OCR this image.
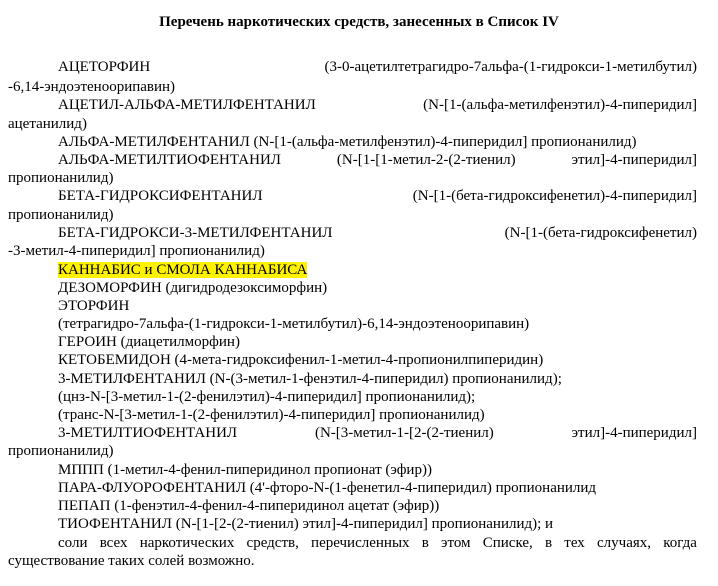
Перечень наркотических средств, занесенных в Список IV
АЦЕТОРФИН	(3-0-ацетилтетрагидро-7альфа-(1-гидрокси-1-метилбутил)
-6,14-эндоэтеноорипавин)
АЦЕТИЛ-АЛЬФА-МЕТИЛФЕНТАНИЛ	(N-[1-(альфа-метилфенэтил)-4-пиперидил]
ацетанилид)
АЛЬФА-МЕТИЛФЕНТАНИЛ (N-[1-(альфа-метилфенэтил)-4-пиперидил] пропионанилид)
АЛЬФА-МЕТИЛТИОФЕНТАНИЛ	(N-[1-[1-метил-2-(2-тиенил)	этил]-4-пиперидил]
пропионанилид)
БЕТА-ГИДРОКСИФЕНТАНИЛ	(N-[1-(бета-гидроксифенетил)-4-пиперидил]
пропионанилид)
БЕТА-ГИДРОКСИ-3-МЕТИЛФЕНТАНИЛ	(N-[1-(бета-гидроксифенетил)
-3-метил-4-пиперидил] пропионанилид)
КАННАБИС и СМОЛА КАННАБИСА
ДЕЗОМОРФИН (дигидродезоксиморфин)
ЭТОРФИН
(тетрагидро-7альфа-(1-гидрокси-1-метилбутил)-6,14-эндоэтеноорипавин)
ГЕРОИН (диацетилморфин)
КЕТОБЕМИДОН (4-мета-гидроксифенил-1-метил-4-пропионилпиперидин)
3-МЕТИЛФЕНТАНИЛ (N-(3-метил-1-фенэтил-4-пиперидил) пропионанилид);
(цнз-N-[3-метил-1-(2-фенилэтил)-4-пиперидил] пропионанилид);
(транс-N-[3-метил-1-(2-фенилэтил)-4-пиперидил] пропионанилид)
3-МЕТИЛТИОФЕНТАНИЛ	(N-[3-метил-1-[2-(2-тиенил)	этил]-4-пиперидил]
пропионанилид)
МППП (1-метил-4-фенил-пиперидинол пропионат (эфир))
ПАРА-ФЛУОРОФЕНТАНИЛ (4'-фторо-N-(1-фенетил-4-пиперидил) пропионанилид
ПЕПАП (1-фенэтил-4-фенил-4-пиперидинол ацетат (эфир))
ТИОФЕНТАНИЛ (N-[1-[2-(2-тиенил) этил]-4-пиперидил] пропионанилид); и
соли всех наркотических средств, перечисленных в этом Списке, в тех случаях, когда
существование таких солей возможно.
